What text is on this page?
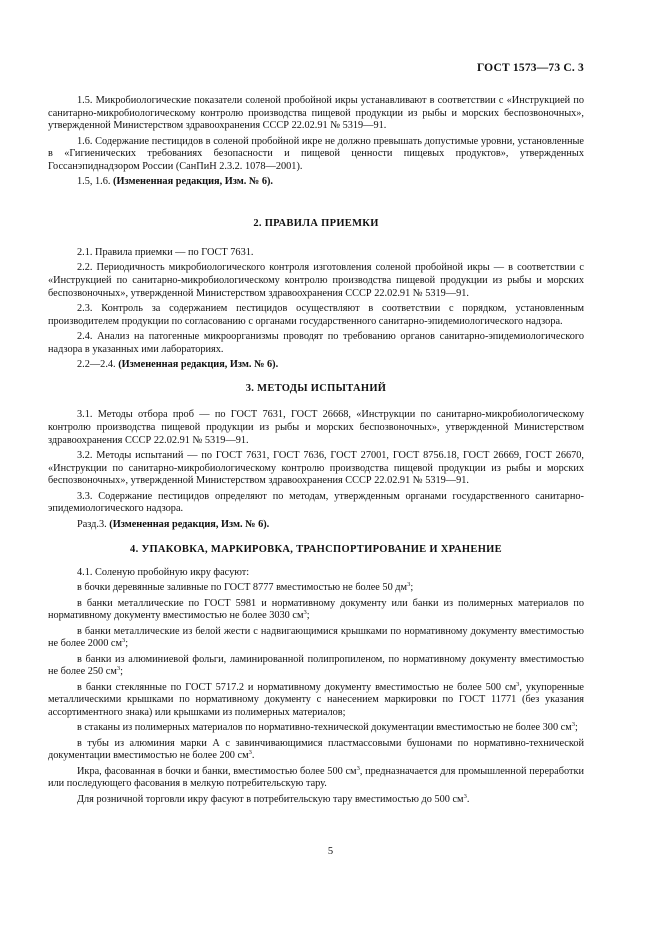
ГОСТ 1573—73 С. 3

1.5. Микробиологические показатели соленой пробойной икры устанавливают в соответствии с «Инструкцией по санитарно-микробиологическому контролю производства пищевой продукции из рыбы и морских беспозвоночных», утвержденной Министерством здравоохранения СССР 22.02.91 № 5319—91.

1.6. Содержание пестицидов в соленой пробойной икре не должно превышать допустимые уровни, установленные в «Гигиенических требованиях безопасности и пищевой ценности пищевых продуктов», утвержденных Госсанэпиднадзором России (СанПиН 2.3.2. 1078—2001).

1.5, 1.6. (Измененная редакция, Изм. № 6).

2. ПРАВИЛА ПРИЕМКИ

2.1. Правила приемки — по ГОСТ 7631.

2.2. Периодичность микробиологического контроля изготовления соленой пробойной икры — в соответствии с «Инструкцией по санитарно-микробиологическому контролю производства пищевой продукции из рыбы и морских беспозвоночных», утвержденной Министерством здравоохранения СССР 22.02.91 № 5319—91.

2.3. Контроль за содержанием пестицидов осуществляют в соответствии с порядком, установленным производителем продукции по согласованию с органами государственного санитарно-эпидемиологического надзора.

2.4. Анализ на патогенные микроорганизмы проводят по требованию органов санитарно-эпидемиологического надзора в указанных ими лабораториях.

2.2—2.4. (Измененная редакция, Изм. № 6).

3. МЕТОДЫ ИСПЫТАНИЙ

3.1. Методы отбора проб — по ГОСТ 7631, ГОСТ 26668, «Инструкции по санитарно-микробиологическому контролю производства пищевой продукции из рыбы и морских беспозвоночных», утвержденной Министерством здравоохранения СССР 22.02.91 № 5319—91.

3.2. Методы испытаний — по ГОСТ 7631, ГОСТ 7636, ГОСТ 27001, ГОСТ 8756.18, ГОСТ 26669, ГОСТ 26670, «Инструкции по санитарно-микробиологическому контролю производства пищевой продукции из рыбы и морских беспозвоночных», утвержденной Министерством здравоохранения СССР 22.02.91 № 5319—91.

3.3. Содержание пестицидов определяют по методам, утвержденным органами государственного санитарно-эпидемиологического надзора.

Разд.3. (Измененная редакция, Изм. № 6).

4. УПАКОВКА, МАРКИРОВКА, ТРАНСПОРТИРОВАНИЕ И ХРАНЕНИЕ

4.1. Соленую пробойную икру фасуют:

в бочки деревянные заливные по ГОСТ 8777 вместимостью не более 50 $дм^3$;

в банки металлические по ГОСТ 5981 и нормативному документу или банки из полимерных материалов по нормативному документу вместимостью не более 3030 $см^3$;

в банки металлические из белой жести с надвигающимися крышками по нормативному документу вместимостью не более 2000 $см^3$;

в банки из алюминиевой фольги, ламинированной полипропиленом, по нормативному документу вместимостью не более 250 $см^3$;

в банки стеклянные по ГОСТ 5717.2 и нормативному документу вместимостью не более 500 $см^3$, укупоренные металлическими крышками по нормативному документу с нанесением маркировки по ГОСТ 11771 (без указания ассортиментного знака) или крышками из полимерных материалов;

в стаканы из полимерных материалов по нормативно-технической документации вместимостью не более 300 $см^3$;

в тубы из алюминия марки А с завинчивающимися пластмассовыми бушонами по нормативно-технической документации вместимостью не более 200 $см^3$.

Икра, фасованная в бочки и банки, вместимостью более 500 $см^3$, предназначается для промышленной переработки или последующего фасования в мелкую потребительскую тару.

Для розничной торговли икру фасуют в потребительскую тару вместимостью до 500 $см^3$.

5
